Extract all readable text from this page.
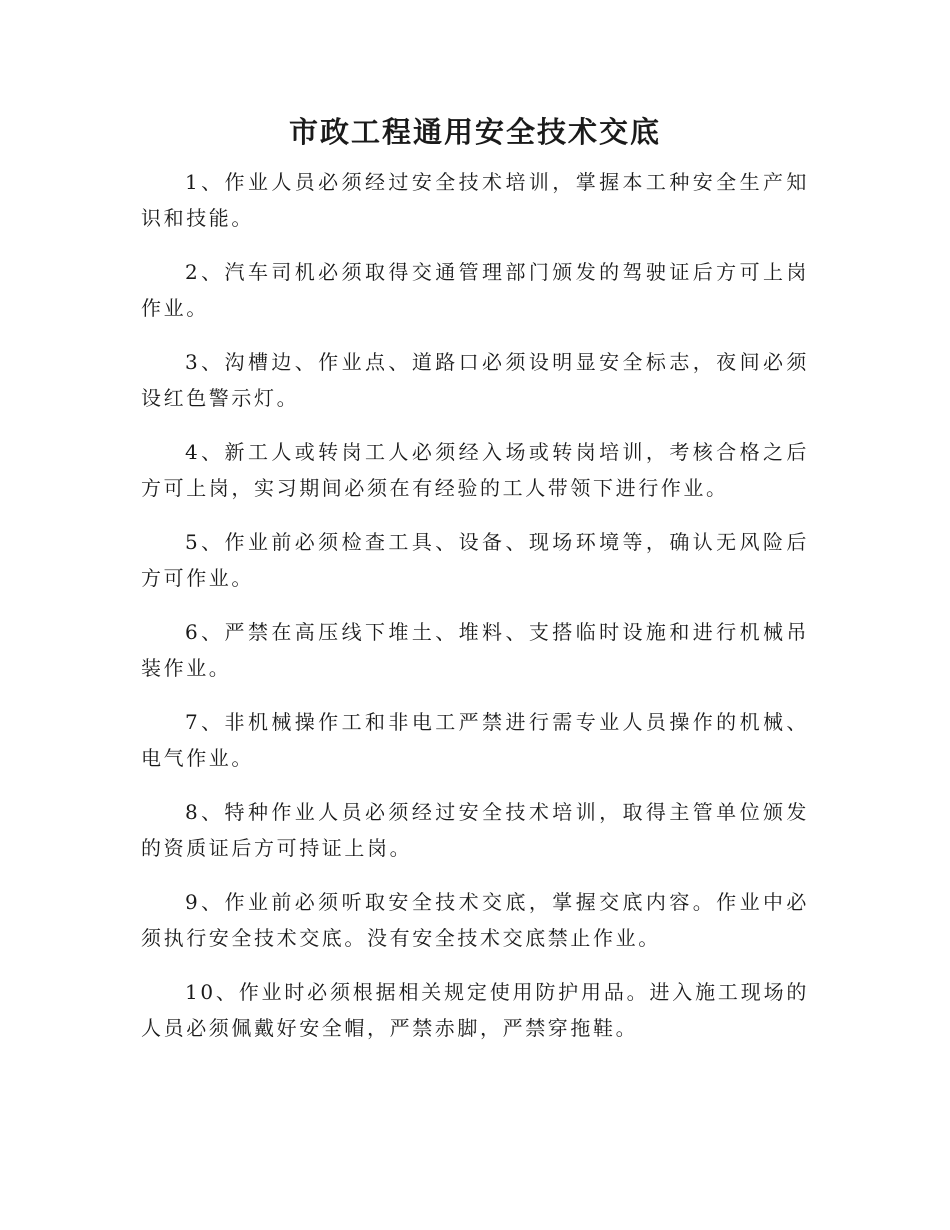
市政工程通用安全技术交底

1、作业人员必须经过安全技术培训，掌握本工种安全生产知识和技能。

2、汽车司机必须取得交通管理部门颁发的驾驶证后方可上岗作业。

3、沟槽边、作业点、道路口必须设明显安全标志，夜间必须设红色警示灯。

4、新工人或转岗工人必须经入场或转岗培训，考核合格之后方可上岗，实习期间必须在有经验的工人带领下进行作业。

5、作业前必须检查工具、设备、现场环境等，确认无风险后方可作业。

6、严禁在高压线下堆土、堆料、支搭临时设施和进行机械吊装作业。

7、非机械操作工和非电工严禁进行需专业人员操作的机械、电气作业。

8、特种作业人员必须经过安全技术培训，取得主管单位颁发的资质证后方可持证上岗。

9、作业前必须听取安全技术交底，掌握交底内容。作业中必须执行安全技术交底。没有安全技术交底禁止作业。

10、作业时必须根据相关规定使用防护用品。进入施工现场的人员必须佩戴好安全帽，严禁赤脚，严禁穿拖鞋。
